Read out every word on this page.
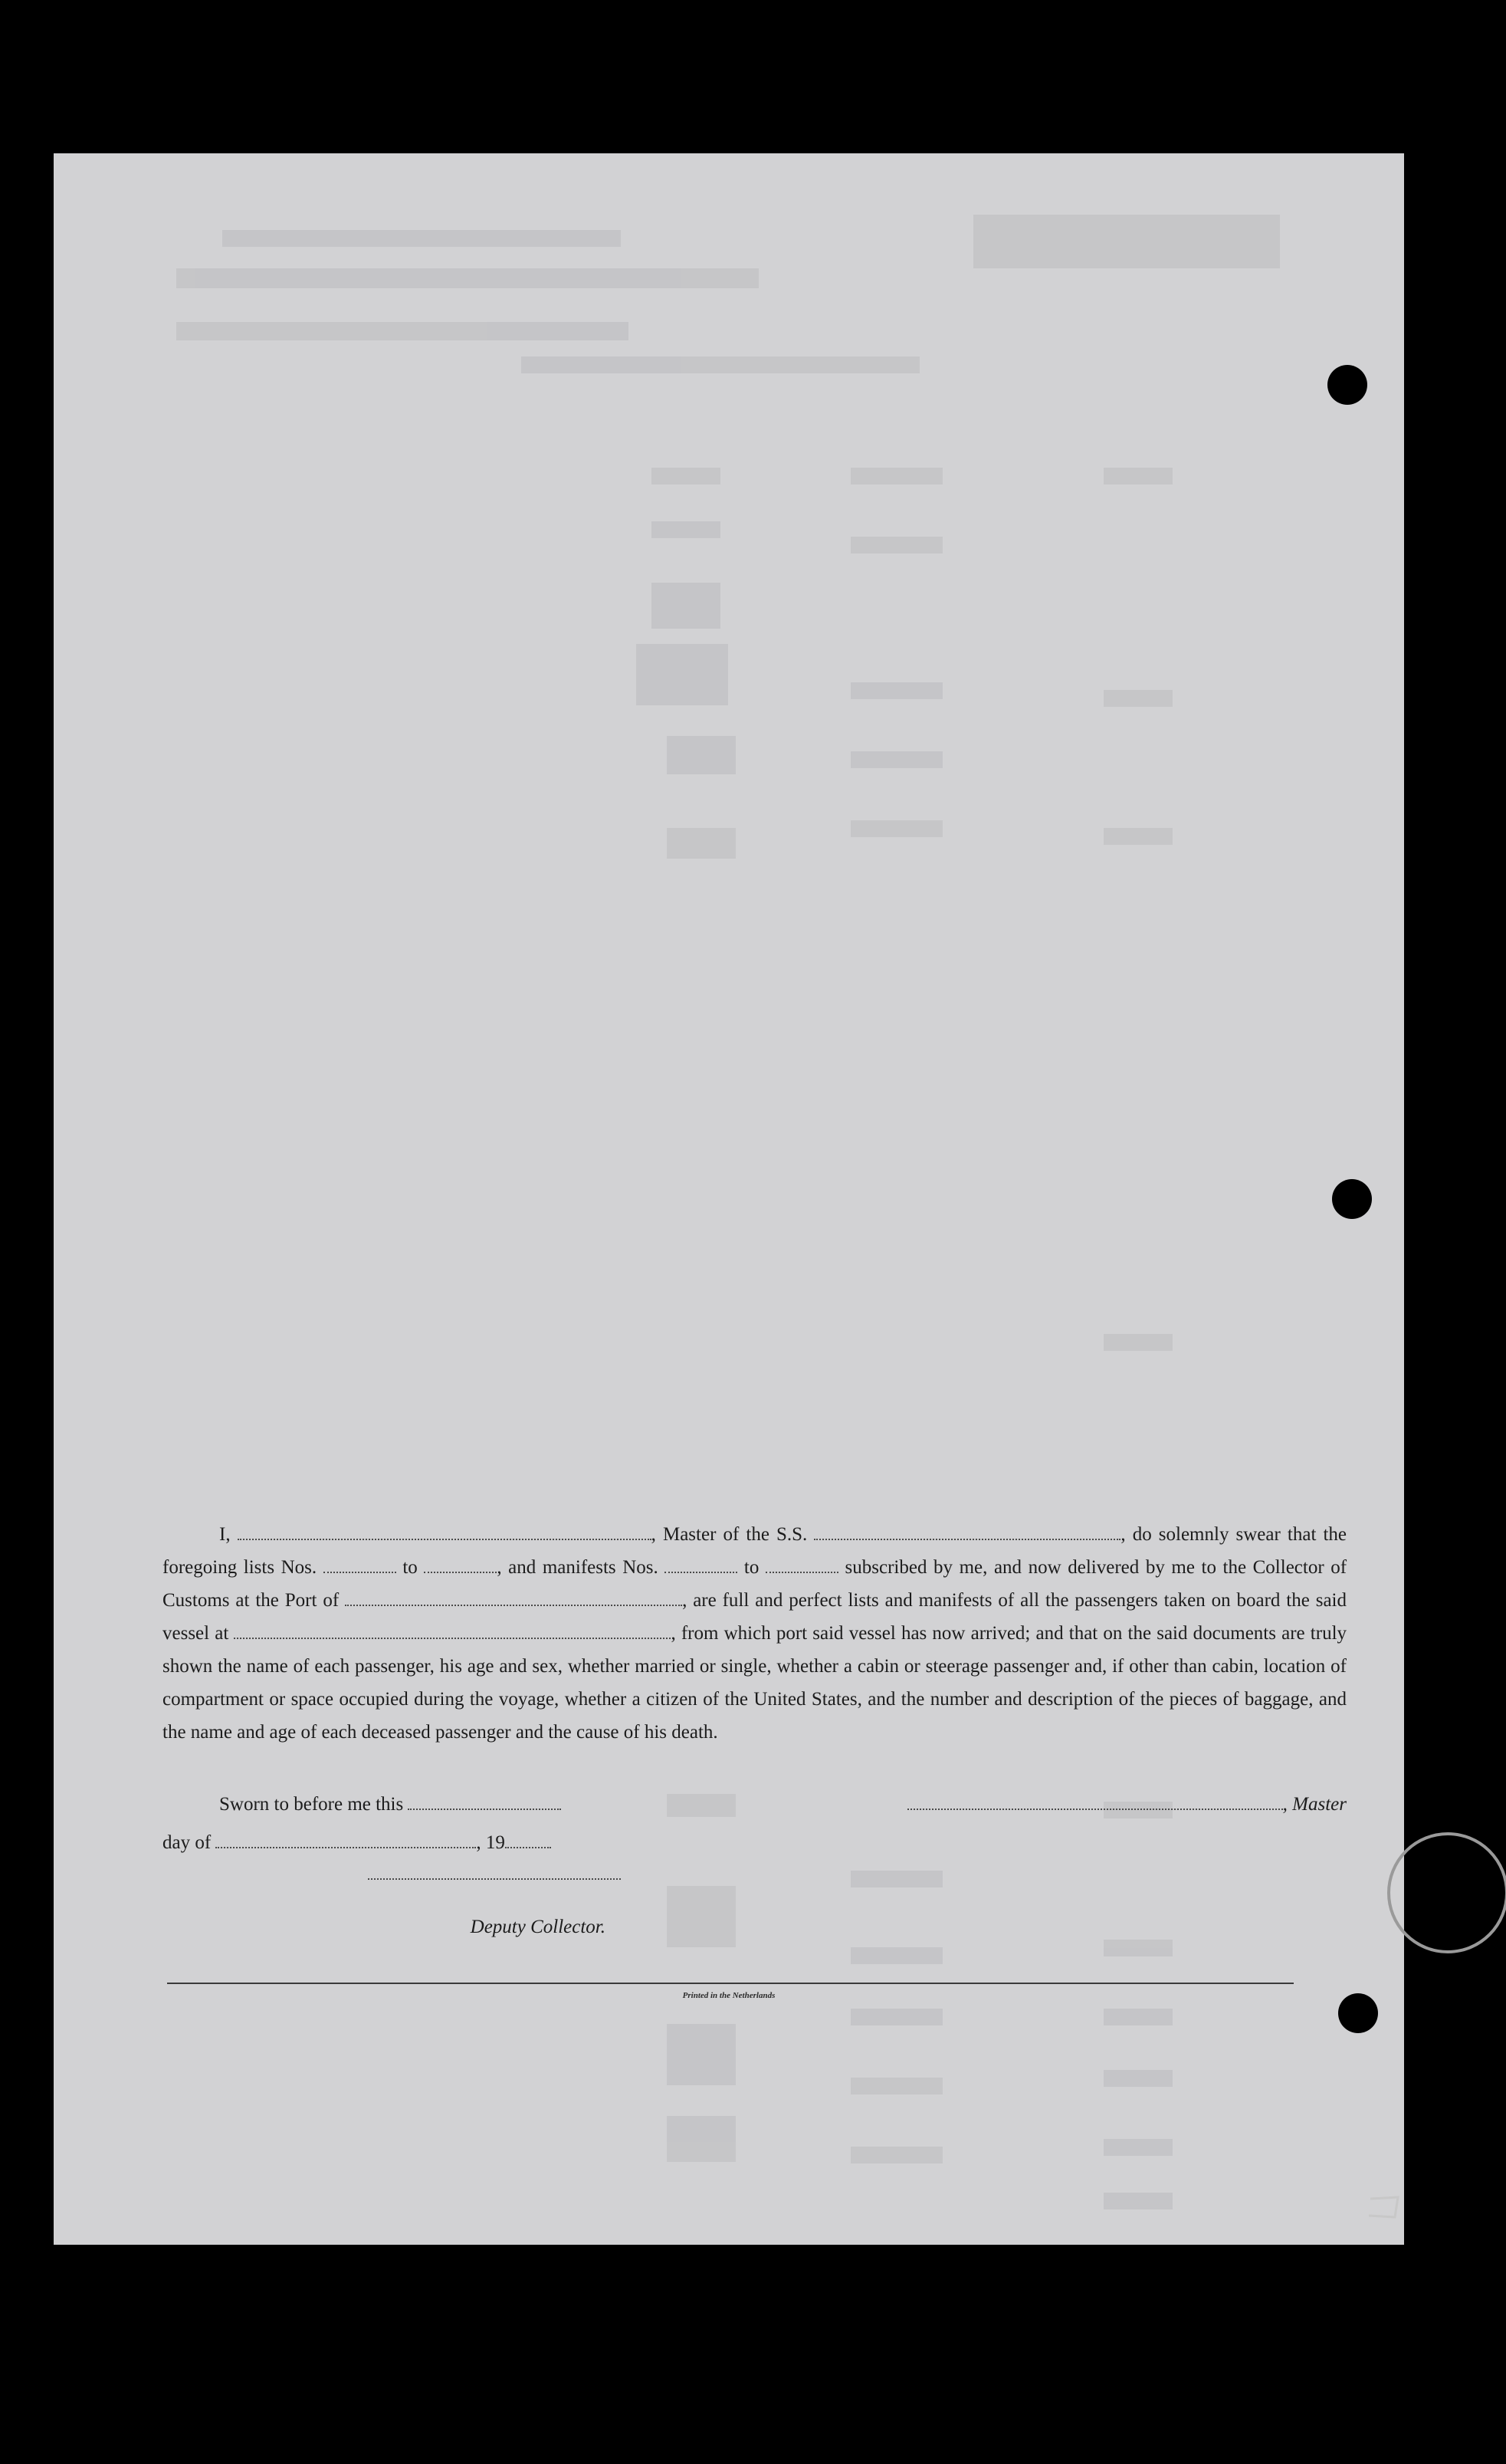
I,	, Master of the S.S.	, do solemnly swear that the foregoing lists Nos.	to	, and manifests Nos.	to	subscribed by me, and now delivered by me to the Collector of Customs at the Port of	, are full and perfect lists and manifests of all the passengers taken on board the said vessel at	, from which port said vessel has now arrived; and that on the said documents are truly shown the name of each passenger, his age and sex, whether married or single, whether a cabin or steerage passenger and, if other than cabin, location of compartment or space occupied during the voyage, whether a citizen of the United States, and the number and description of the pieces of baggage, and the name and age of each deceased passenger and the cause of his death.

Sworn to before me this	, Master
day of	, 19
Deputy Collector.
Printed in the Netherlands
